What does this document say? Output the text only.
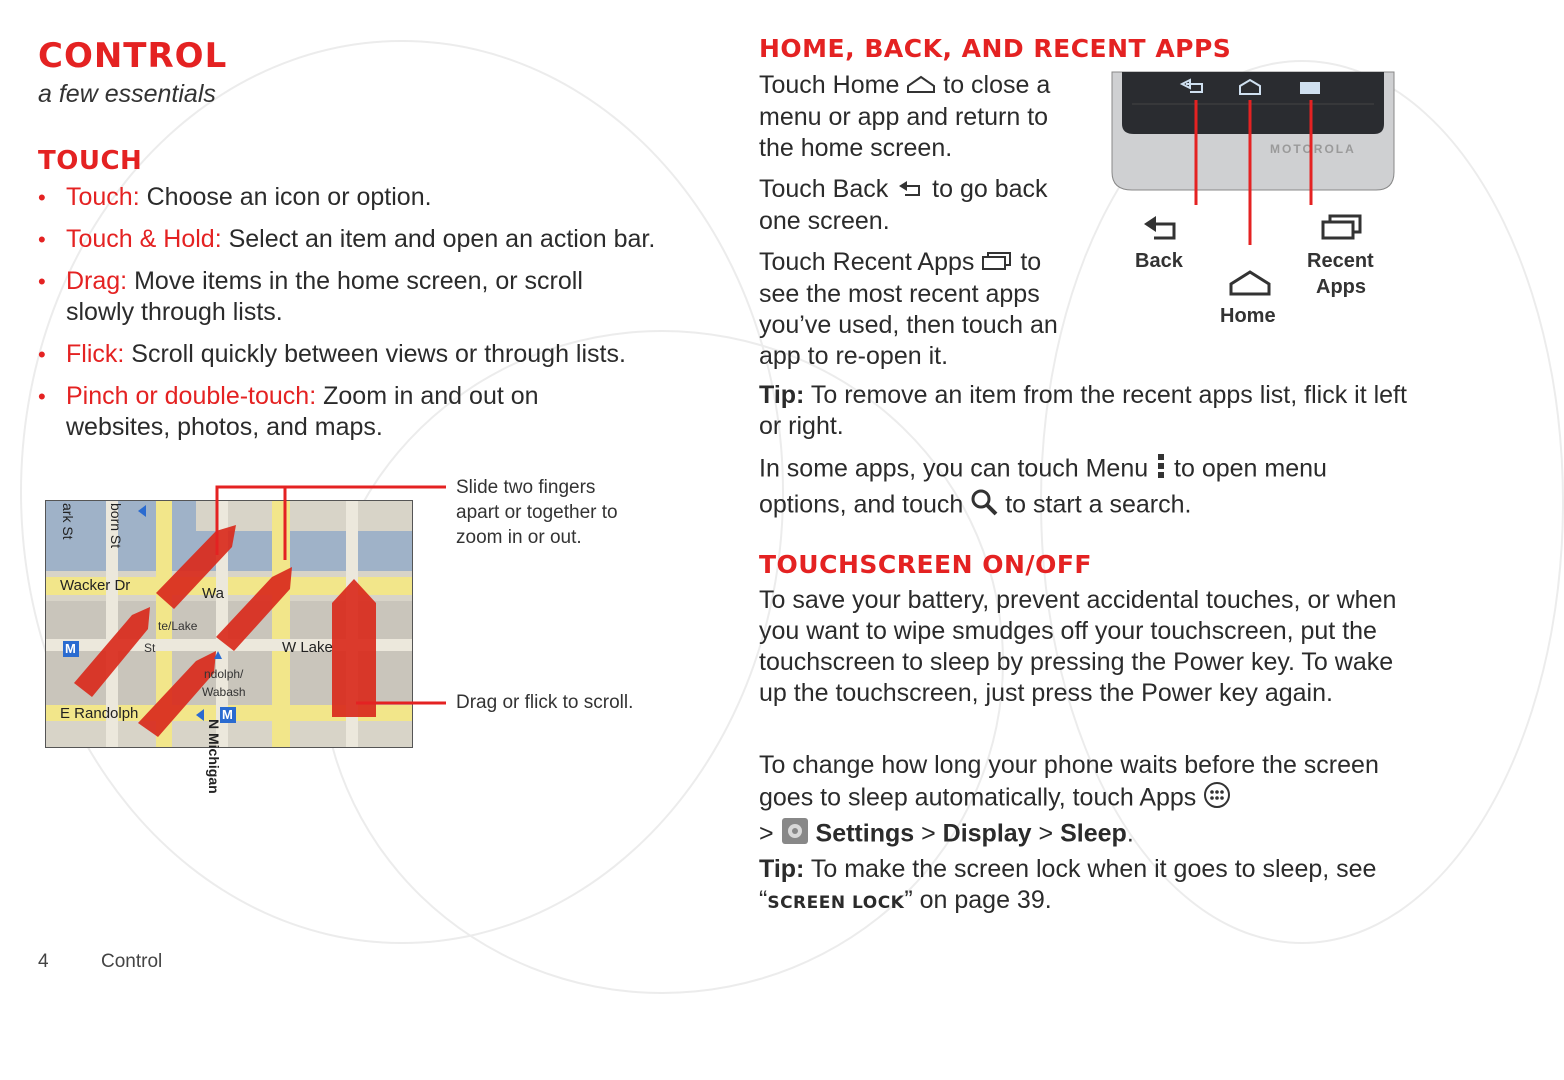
CONTROL

a few essentials

TOUCH
• Touch: Choose an icon or option.
• Touch & Hold: Select an item and open an action bar.
• Drag: Move items in the home screen, or scroll slowly through lists.
• Flick: Scroll quickly between views or through lists.
• Pinch or double-touch: Zoom in and out on websites, photos, and maps.
Wacker Dr	Wa
te/Lake
St	W Lake
ndolph/
Wabash
E Randolph
M
M
N Michigan
ark St born St
Slide two fingers apart or together to zoom in or out.
Drag or flick to scroll.
4	Control
HOME, BACK, AND RECENT APPS

Touch Home to close a menu or app and return to the home screen.

Touch Back to go back one screen.

Touch Recent Apps to see the most recent apps you’ve used, then touch an app to re-open it.

MOTOROLA
Back
Home
Recent
Apps
Tip: To remove an item from the recent apps list, flick it left or right.
In some apps, you can touch Menu to open menu options, and touch to start a search.
TOUCHSCREEN ON/OFF
To save your battery, prevent accidental touches, or when you want to wipe smudges off your touchscreen, put the touchscreen to sleep by pressing the Power key. To wake up the touchscreen, just press the Power key again.
To change how long your phone waits before the screen goes to sleep automatically, touch Apps
> Settings > Display > Sleep.
Tip: To make the screen lock when it goes to sleep, see “SCREEN LOCK” on page 39.
